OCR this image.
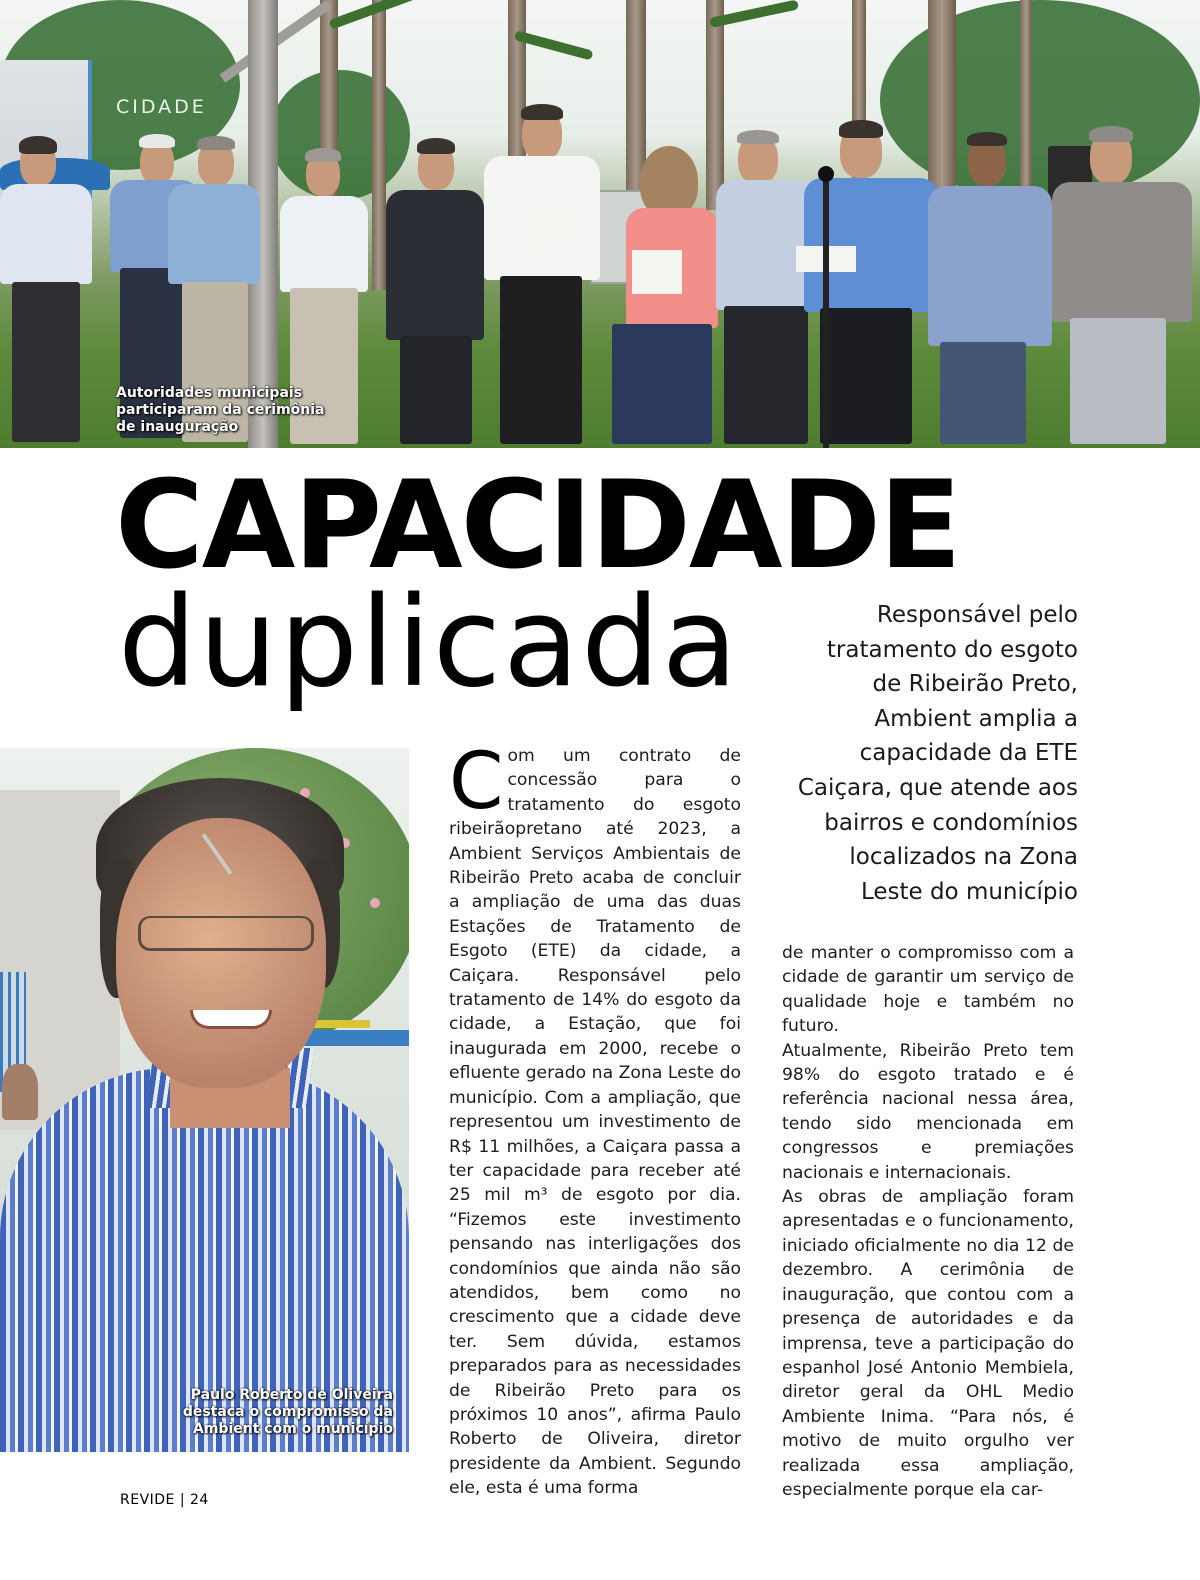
CIDADE
Autoridades municipais
participaram da cerimônia
de inauguração
CAPACIDADE
duplicada	Responsável pelo
tratamento do esgoto
de Ribeirão Preto,
Ambient amplia a
capacidade da ETE
Caiçara, que atende aos
bairros e condomínios
localizados na Zona
Leste do município

Paulo Roberto de Oliveira
destaca o compromisso da
Ambient com o município

Com um contrato de concessão para o tratamento do esgoto ribeirãopretano até 2023, a Ambient Serviços Ambientais de Ribeirão Preto acaba de concluir a ampliação de uma das duas Estações de Tratamento de Esgoto (ETE) da cidade, a Caiçara. Responsável pelo tratamento de 14% do esgoto da cidade, a Estação, que foi inaugurada em 2000, recebe o efluente gerado na Zona Leste do município. Com a ampliação, que representou um investimento de R$ 11 milhões, a Caiçara passa a ter capacidade para receber até 25 mil m³ de esgoto por dia. “Fizemos este investimento pensando nas interligações dos condomínios que ainda não são atendidos, bem como no crescimento que a cidade deve ter. Sem dúvida, estamos preparados para as necessidades de Ribeirão Preto para os próximos 10 anos”, afirma Paulo Roberto de Oliveira, diretor presidente da Ambient. Segundo ele, esta é uma forma

de manter o compromisso com a cidade de garantir um serviço de qualidade hoje e também no futuro.
Atualmente, Ribeirão Preto tem 98% do esgoto tratado e é referência nacional nessa área, tendo sido mencionada em congressos e premiações nacionais e internacionais.
As obras de ampliação foram apresentadas e o funcionamento, iniciado oficialmente no dia 12 de dezembro. A cerimônia de inauguração, que contou com a presença de autoridades e da imprensa, teve a participação do espanhol José Antonio Membiela, diretor geral da OHL Medio Ambiente Inima. “Para nós, é motivo de muito orgulho ver realizada essa ampliação, especialmente porque ela car-

REVIDE | 24
